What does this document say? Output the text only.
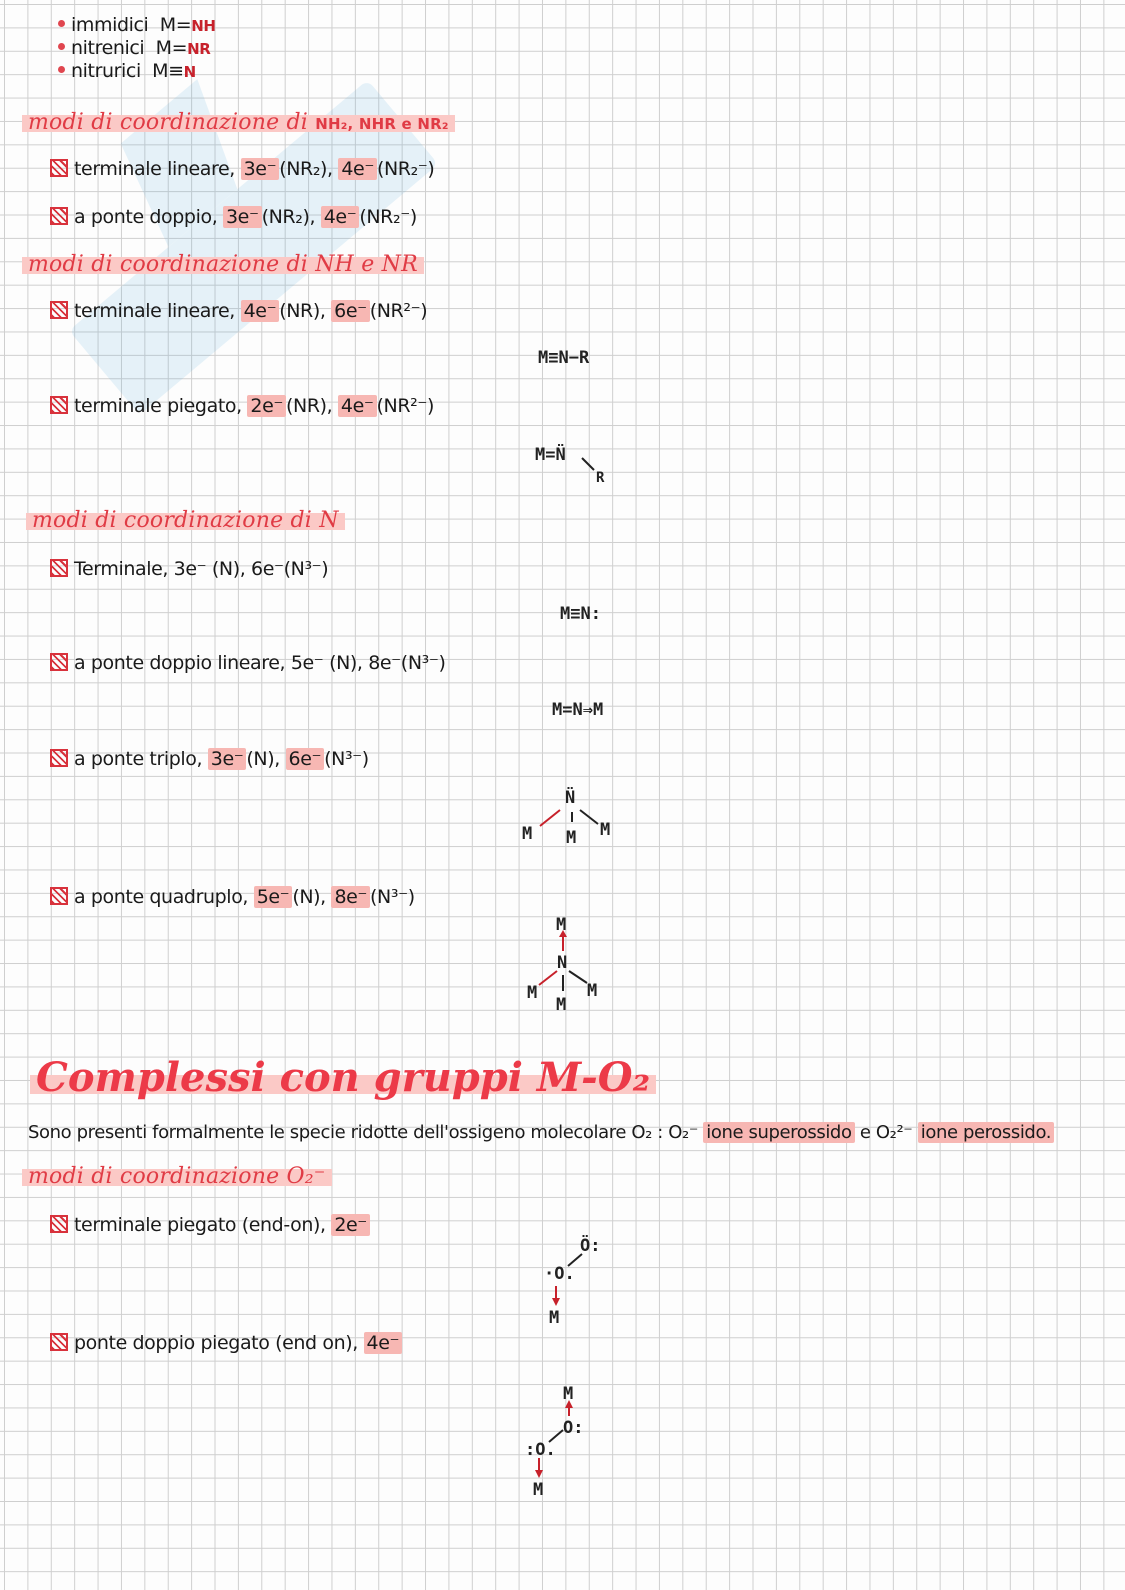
immidici M=NH
nitrenici M=NR
nitrurici M≡N
modi di coordinazione di NH₂, NHR e NR₂
terminale lineare, 3e⁻ (NR₂), 4e⁻ (NR₂⁻)
a ponte doppio, 3e⁻ (NR₂), 4e⁻ (NR₂⁻)
modi di coordinazione di NH e NR
terminale lineare, 4e⁻ (NR), 6e⁻ (NR²⁻)
M≡N−R
terminale piegato, 2e⁻ (NR), 4e⁻ (NR²⁻)
M=N̈
R
modi di coordinazione di N
Terminale, 3e⁻ (N), 6e⁻(N³⁻)
M≡N:
a ponte doppio lineare, 5e⁻ (N), 8e⁻(N³⁻)
M=N⇒M
a ponte triplo, 3e⁻ (N), 6e⁻ (N³⁻)
N̈
M M M
a ponte quadruplo, 5e⁻ (N), 8e⁻ (N³⁻)
M
N
M	M
M
Complessi con gruppi M-O₂
Sono presenti formalmente le specie ridotte dell'ossigeno molecolare O₂ : O₂⁻ ione superossido e O₂²⁻ ione perossido.
modi di coordinazione O₂⁻
terminale piegato (end-on), 2e⁻
Ö:
·O.
M
ponte doppio piegato (end on), 4e⁻
M
O:
:O.
M
